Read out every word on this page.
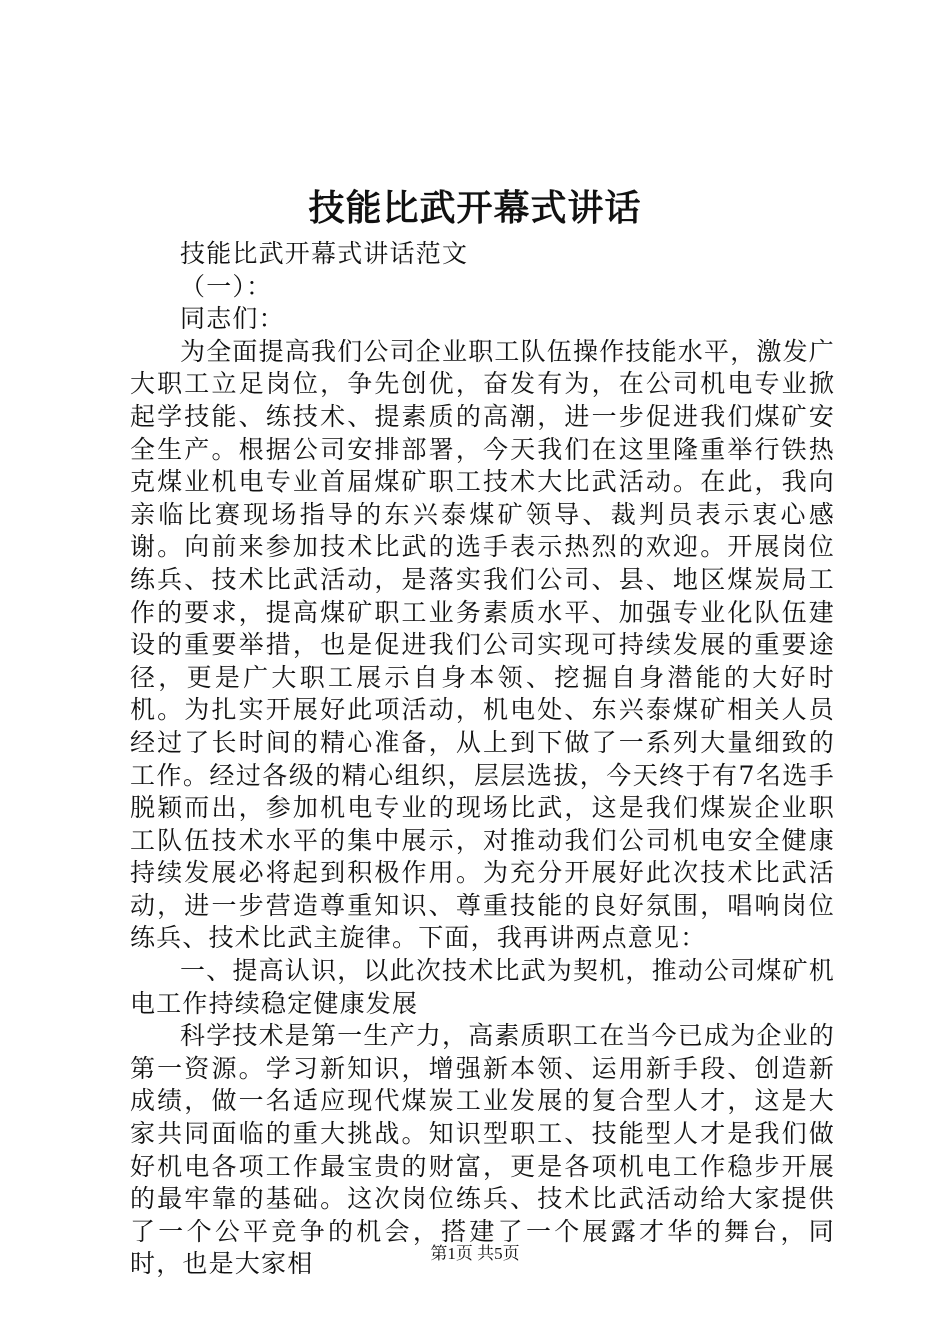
技能比武开幕式讲话

技能比武开幕式讲话范文

（一）：

同志们：

为全面提高我们公司企业职工队伍操作技能水平，激发广大职工立足岗位，争先创优，奋发有为，在公司机电专业掀起学技能、练技术、提素质的高潮，进一步促进我们煤矿安全生产。根据公司安排部署，今天我们在这里隆重举行铁热克煤业机电专业首届煤矿职工技术大比武活动。在此，我向亲临比赛现场指导的东兴泰煤矿领导、裁判员表示衷心感谢。向前来参加技术比武的选手表示热烈的欢迎。开展岗位练兵、技术比武活动，是落实我们公司、县、地区煤炭局工作的要求，提高煤矿职工业务素质水平、加强专业化队伍建设的重要举措，也是促进我们公司实现可持续发展的重要途径，更是广大职工展示自身本领、挖掘自身潜能的大好时机。为扎实开展好此项活动，机电处、东兴泰煤矿相关人员经过了长时间的精心准备，从上到下做了一系列大量细致的工作。经过各级的精心组织，层层选拔，今天终于有7名选手脱颖而出，参加机电专业的现场比武，这是我们煤炭企业职工队伍技术水平的集中展示，对推动我们公司机电安全健康持续发展必将起到积极作用。为充分开展好此次技术比武活动，进一步营造尊重知识、尊重技能的良好氛围，唱响岗位练兵、技术比武主旋律。下面，我再讲两点意见：

一、提高认识，以此次技术比武为契机，推动公司煤矿机电工作持续稳定健康发展

科学技术是第一生产力，高素质职工在当今已成为企业的第一资源。学习新知识，增强新本领、运用新手段、创造新成绩，做一名适应现代煤炭工业发展的复合型人才，这是大家共同面临的重大挑战。知识型职工、技能型人才是我们做好机电各项工作最宝贵的财富，更是各项机电工作稳步开展的最牢靠的基础。这次岗位练兵、技术比武活动给大家提供了一个公平竞争的机会，搭建了一个展露才华的舞台，同时，也是大家相	第1页 共5页
